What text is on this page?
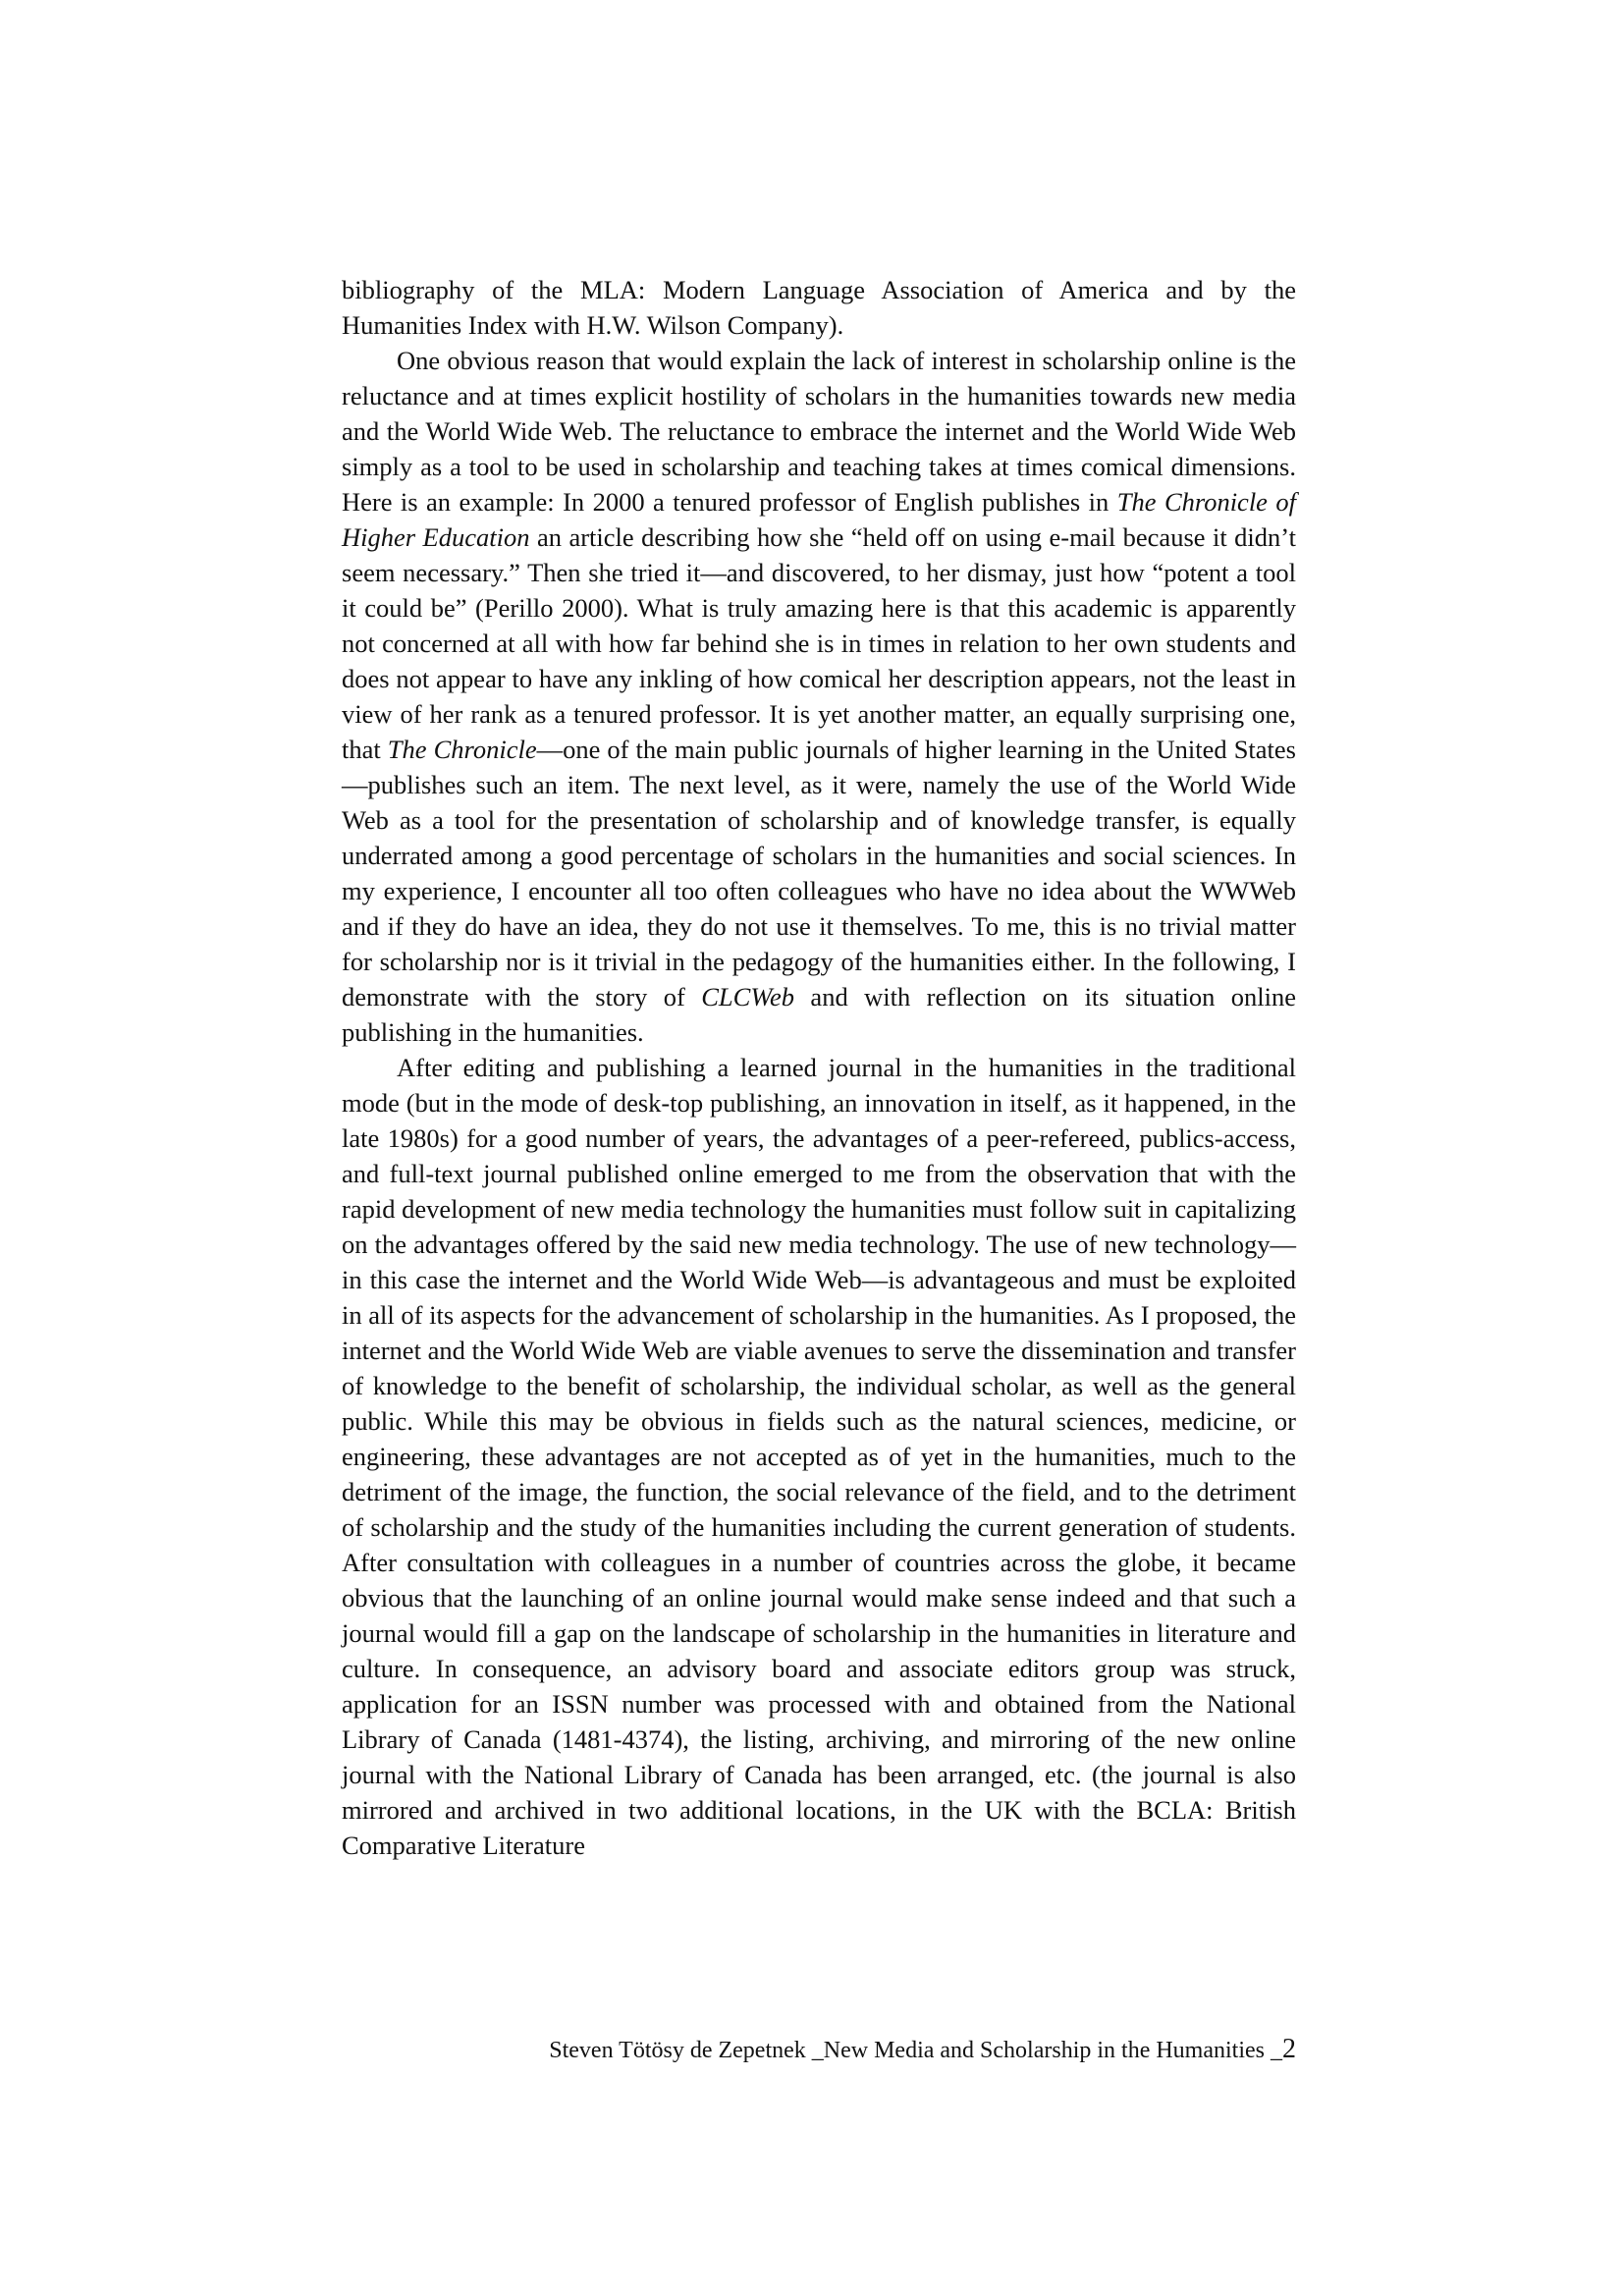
bibliography of the MLA: Modern Language Association of America and by the Humanities Index with H.W. Wilson Company).

One obvious reason that would explain the lack of interest in scholarship online is the reluctance and at times explicit hostility of scholars in the humanities towards new media and the World Wide Web. The reluctance to embrace the internet and the World Wide Web simply as a tool to be used in scholarship and teaching takes at times comical dimensions. Here is an example: In 2000 a tenured professor of English publishes in The Chronicle of Higher Education an article describing how she “held off on using e-mail because it didn’t seem necessary.” Then she tried it—and discovered, to her dismay, just how “potent a tool it could be” (Perillo 2000). What is truly amazing here is that this academic is apparently not concerned at all with how far behind she is in times in relation to her own students and does not appear to have any inkling of how comical her description appears, not the least in view of her rank as a tenured professor. It is yet another matter, an equally surprising one, that The Chronicle—one of the main public journals of higher learning in the United States—publishes such an item. The next level, as it were, namely the use of the World Wide Web as a tool for the presentation of scholarship and of knowledge transfer, is equally underrated among a good percentage of scholars in the humanities and social sciences. In my experience, I encounter all too often colleagues who have no idea about the WWWeb and if they do have an idea, they do not use it themselves. To me, this is no trivial matter for scholarship nor is it trivial in the pedagogy of the humanities either. In the following, I demonstrate with the story of CLCWeb and with reflection on its situation online publishing in the humanities.

After editing and publishing a learned journal in the humanities in the traditional mode (but in the mode of desk-top publishing, an innovation in itself, as it happened, in the late 1980s) for a good number of years, the advantages of a peer-refereed, publics-access, and full-text journal published online emerged to me from the observation that with the rapid development of new media technology the humanities must follow suit in capitalizing on the advantages offered by the said new media technology. The use of new technology—in this case the internet and the World Wide Web—is advantageous and must be exploited in all of its aspects for the advancement of scholarship in the humanities. As I proposed, the internet and the World Wide Web are viable avenues to serve the dissemination and transfer of knowledge to the benefit of scholarship, the individual scholar, as well as the general public. While this may be obvious in fields such as the natural sciences, medicine, or engineering, these advantages are not accepted as of yet in the humanities, much to the detriment of the image, the function, the social relevance of the field, and to the detriment of scholarship and the study of the humanities including the current generation of students. After consultation with colleagues in a number of countries across the globe, it became obvious that the launching of an online journal would make sense indeed and that such a journal would fill a gap on the landscape of scholarship in the humanities in literature and culture. In consequence, an advisory board and associate editors group was struck, application for an ISSN number was processed with and obtained from the National Library of Canada (1481-4374), the listing, archiving, and mirroring of the new online journal with the National Library of Canada has been arranged, etc. (the journal is also mirrored and archived in two additional locations, in the UK with the BCLA: British Comparative Literature

Steven Tötösy de Zepetnek _New Media and Scholarship in the Humanities _2
